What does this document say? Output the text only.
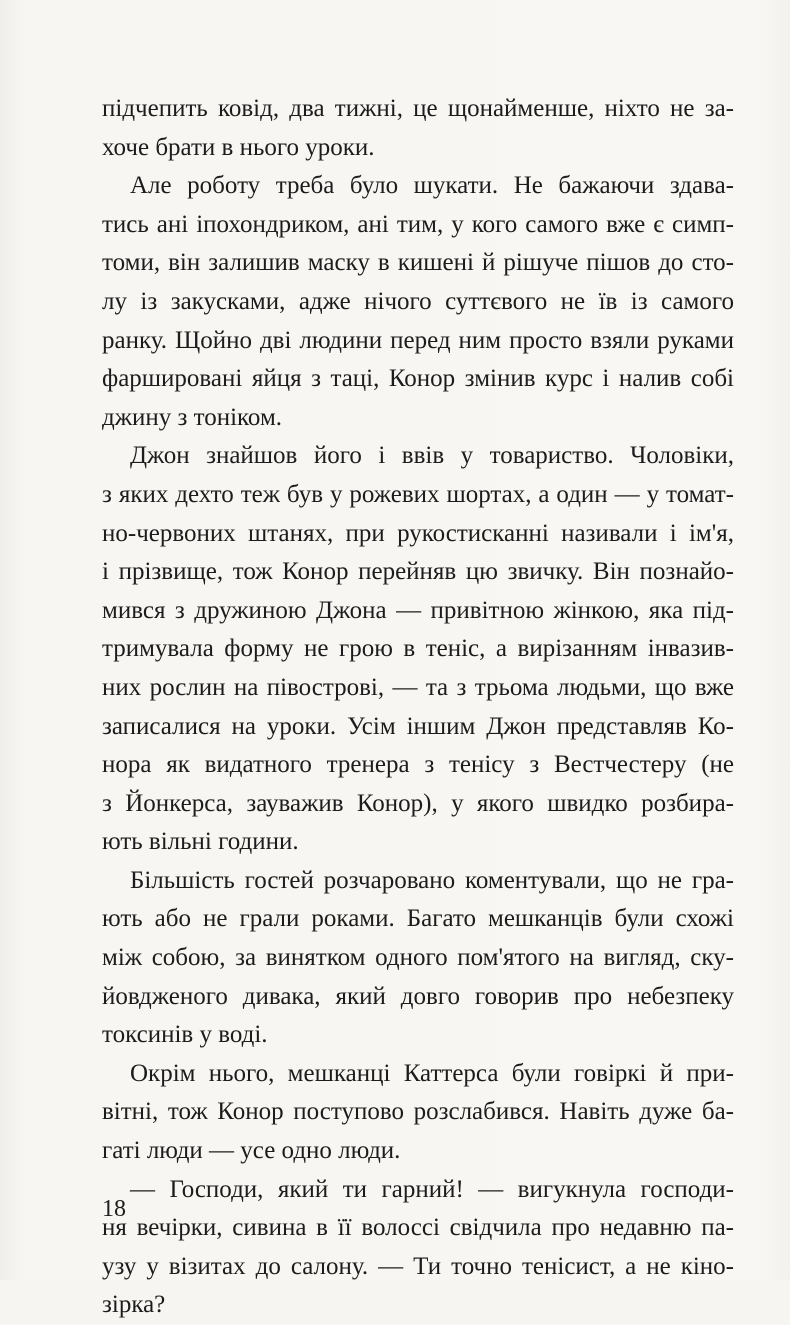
підчепить ковід, два тижні, це щонайменше, ніхто не за-
хоче брати в нього уроки.
Але роботу треба було шукати. Не бажаючи здава-
тись ані іпохондриком, ані тим, у кого самого вже є симп-
томи, він залишив маску в кишені й рішуче пішов до сто-
лу із закусками, адже нічого суттєвого не їв із самого
ранку. Щойно дві людини перед ним просто взяли руками
фаршировані яйця з таці, Конор змінив курс і налив собі
джину з тоніком.
Джон знайшов його і ввів у товариство. Чоловіки,
з яких дехто теж був у рожевих шортах, а один — у томат-
но-червоних штанях, при рукостисканні називали і ім'я,
і прізвище, тож Конор перейняв цю звичку. Він познайо-
мився з дружиною Джона — привітною жінкою, яка під-
тримувала форму не грою в теніс, а вирізанням інвазив-
них рослин на півострові, — та з трьома людьми, що вже
записалися на уроки. Усім іншим Джон представляв Ко-
нора як видатного тренера з тенісу з Вестчестеру (не
з Йонкерса, зауважив Конор), у якого швидко розбира-
ють вільні години.
Більшість гостей розчаровано коментували, що не гра-
ють або не грали роками. Багато мешканців були схожі
між собою, за винятком одного пом'ятого на вигляд, ску-
йовдженого дивака, який довго говорив про небезпеку
токсинів у воді.
Окрім нього, мешканці Каттерса були говіркі й при-
вітні, тож Конор поступово розслабився. Навіть дуже ба-
гаті люди — усе одно люди.
— Господи, який ти гарний! — вигукнула господи-
ня вечірки, сивина в її волоссі свідчила про недавню па-
узу у візитах до салону. — Ти точно тенісист, а не кіно-
зірка?
18
